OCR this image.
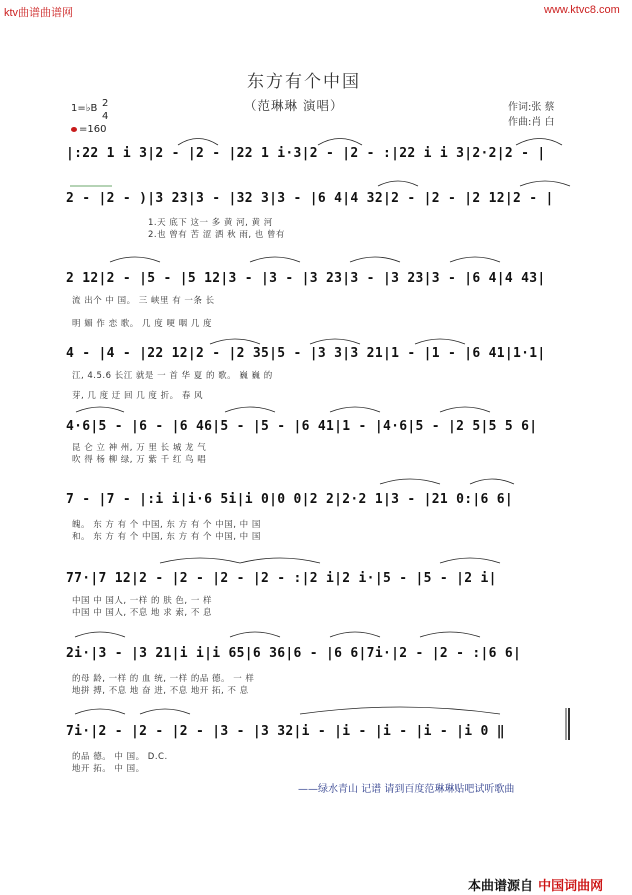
ktv曲谱曲谱网	www.ktvc8.com
东方有个中国
（范琳琳 演唱）	作词:张 蔡
作曲:肖 白
1=♭B 2
4
=160
|:22 1 i 3|2 - |2 - |22 1 i·3|2 - |2 - :|22 i i 3|2·2|2 - |
2 - |2 - )|3 23|3 - |32 3|3 - |6 4|4 32|2 - |2 - |2 12|2 - |
1.天 底下 这一 多 黄 河, 黄 河
2.也 曾有 苦 涩 洒 秋 雨, 也 曾有
2 12|2 - |5 - |5 12|3 - |3 - |3 23|3 - |3 23|3 - |6 4|4 43|
流 出个 中 国。 三 峡里 有 一条 长
明 媚 作 恋 歌。 几 度 哽 咽 几 度
4 - |4 - |22 12|2 - |2 35|5 - |3 3|3 21|1 - |1 - |6 41|1·1|
江, 4.5.6 长江 就是 一 首 华 夏 的 歌。 巍 巍 的
芽, 几 度 迂 回 几 度 折。 春 风
4·6|5 - |6 - |6 46|5 - |5 - |6 41|1 - |4·6|5 - |2 5|5 5 6|
昆 仑 立 神 州, 万 里 长 城 龙 气
吹 得 杨 柳 绿, 万 紫 千 红 鸟 唱
7 - |7 - |:i i|i·6 5i|i 0|0 0|2 2|2·2 1|3 - |21 0:|6 6|
魄。 东 方 有 个 中国, 东 方 有 个 中国, 中 国
和。 东 方 有 个 中国, 东 方 有 个 中国, 中 国
77·|7 12|2 - |2 - |2 - |2 - :|2 i|2 i·|5 - |5 - |2 i|
中国 中 国人, 一样 的 肤 色, 一 样
中国 中 国人, 不息 地 求 索, 不 息
2i·|3 - |3 21|i i|i 65|6 36|6 - |6 6|7i·|2 - |2 - :|6 6|
的母 龄, 一样 的 血 统, 一样 的品 德。 一 样
地拼 搏, 不息 地 奋 进, 不息 地开 拓, 不 息
7i·|2 - |2 - |2 - |3 - |3 32|i - |i - |i - |i - |i 0 ‖
的品 德。 中 国。 D.C.
地开 拓。 中 国。
——绿水青山 记谱 请到百度范琳琳贴吧试听歌曲
本曲谱源自 中国词曲网
